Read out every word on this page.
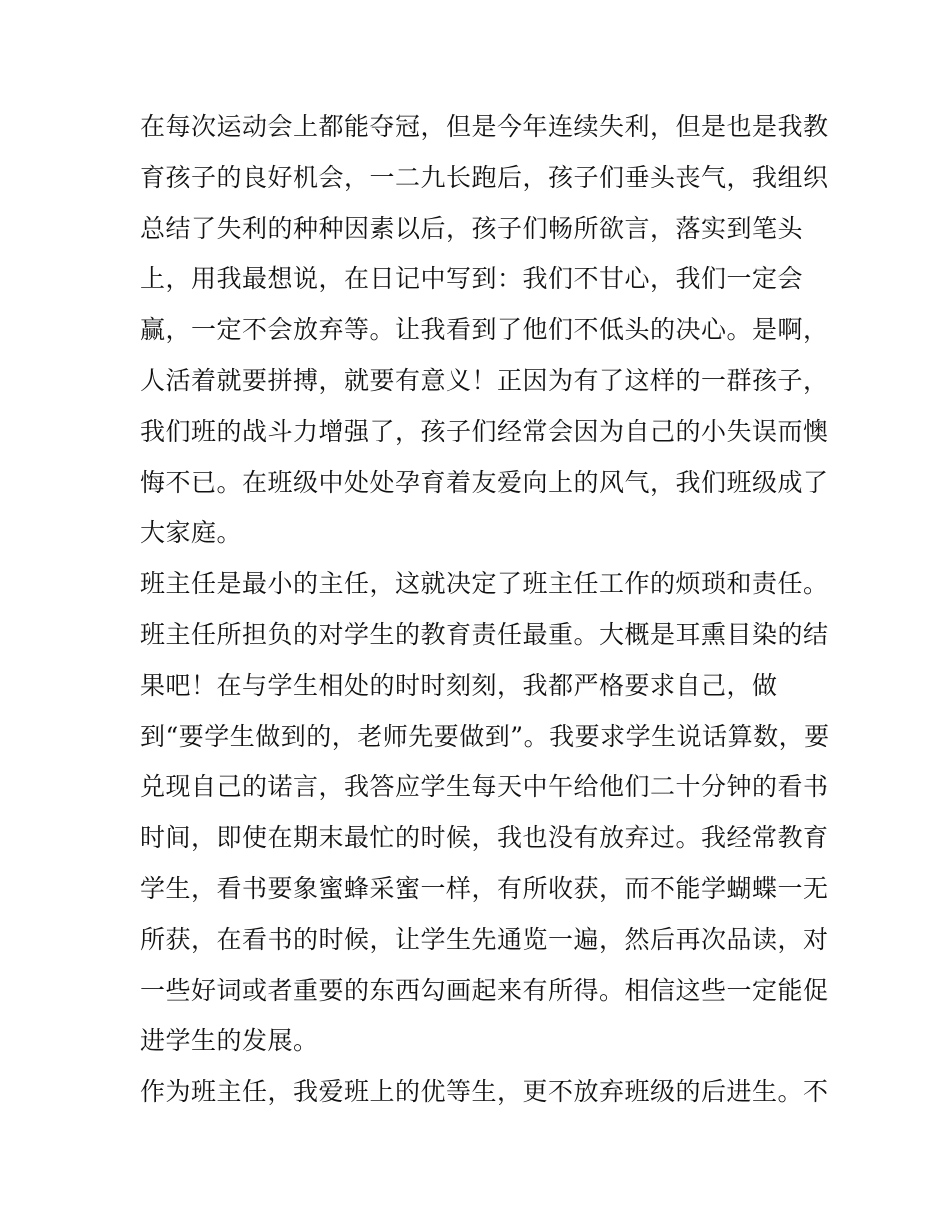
在每次运动会上都能夺冠，但是今年连续失利，但是也是我教
育孩子的良好机会，一二九长跑后，孩子们垂头丧气，我组织
总结了失利的种种因素以后，孩子们畅所欲言，落实到笔头
上，用我最想说，在日记中写到：我们不甘心，我们一定会
赢，一定不会放弃等。让我看到了他们不低头的决心。是啊，
人活着就要拼搏，就要有意义！正因为有了这样的一群孩子，
我们班的战斗力增强了，孩子们经常会因为自己的小失误而懊
悔不已。在班级中处处孕育着友爱向上的风气，我们班级成了
大家庭。
班主任是最小的主任，这就决定了班主任工作的烦琐和责任。
班主任所担负的对学生的教育责任最重。大概是耳熏目染的结
果吧！在与学生相处的时时刻刻，我都严格要求自己，做
到“要学生做到的，老师先要做到”。我要求学生说话算数，要
兑现自己的诺言，我答应学生每天中午给他们二十分钟的看书
时间，即使在期末最忙的时候，我也没有放弃过。我经常教育
学生，看书要象蜜蜂采蜜一样，有所收获，而不能学蝴蝶一无
所获，在看书的时候，让学生先通览一遍，然后再次品读，对
一些好词或者重要的东西勾画起来有所得。相信这些一定能促
进学生的发展。
作为班主任，我爱班上的优等生，更不放弃班级的后进生。不
